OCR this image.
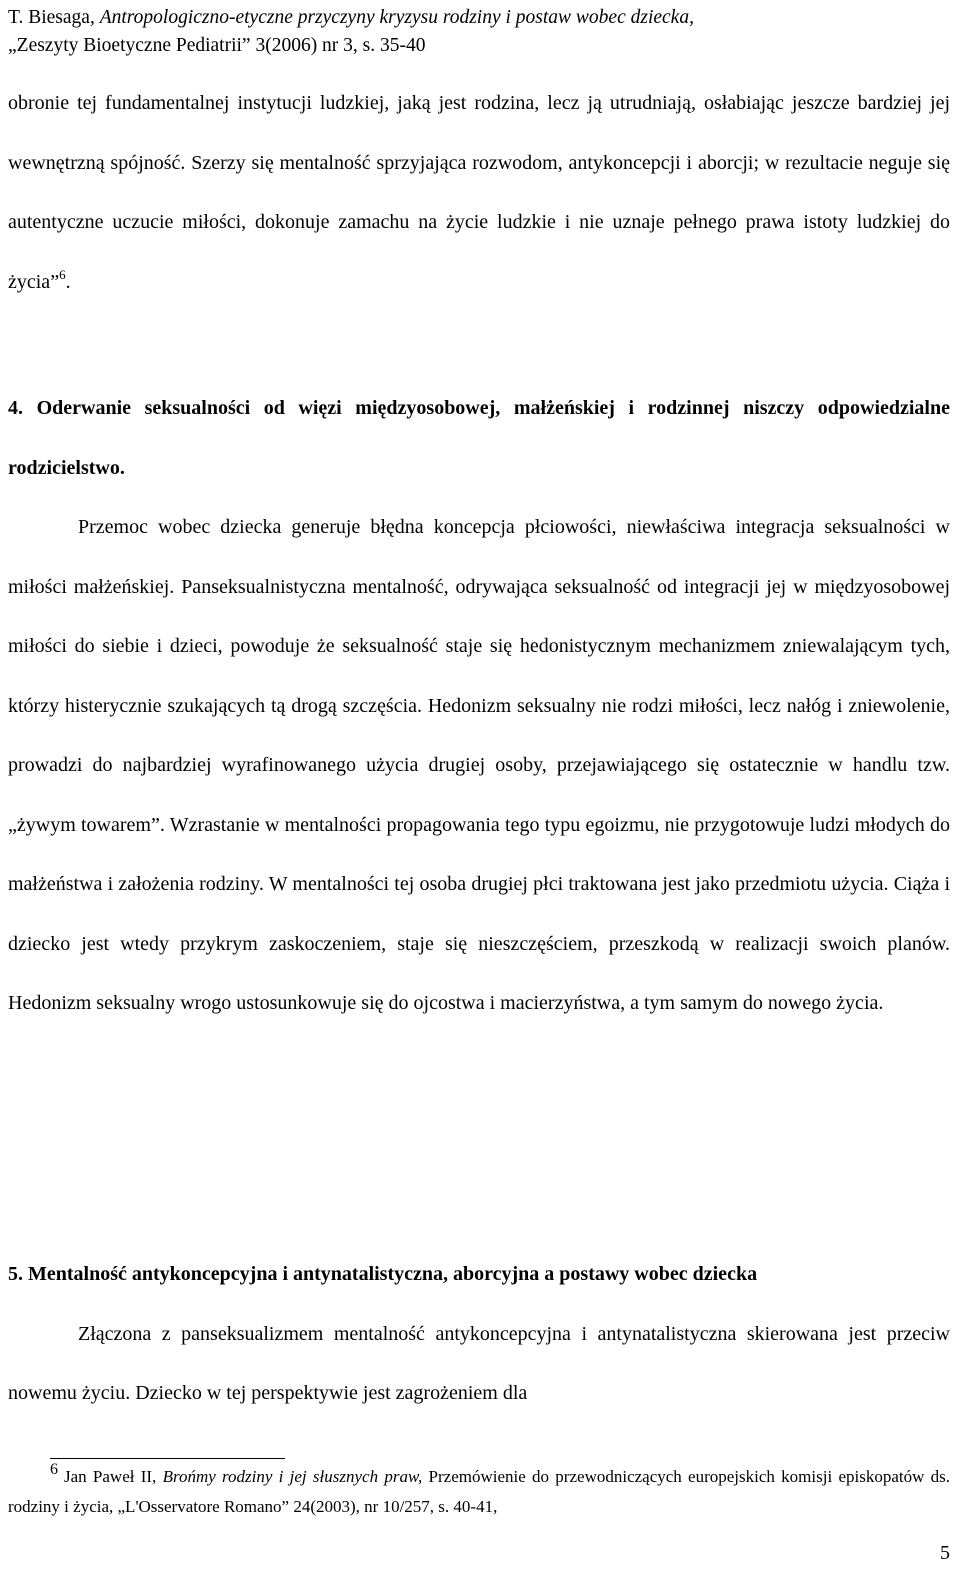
T. Biesaga, Antropologiczno-etyczne przyczyny kryzysu rodziny i postaw wobec dziecka,

„Zeszyty Bioetyczne Pediatrii” 3(2006) nr 3, s. 35-40

obronie tej fundamentalnej instytucji ludzkiej, jaką jest rodzina, lecz ją utrudniają, osłabiając jeszcze bardziej jej wewnętrzną spójność. Szerzy się mentalność sprzyjająca rozwodom, antykoncepcji i aborcji; w rezultacie neguje się autentyczne uczucie miłości, dokonuje zamachu na życie ludzkie i nie uznaje pełnego prawa istoty ludzkiej do życia”$^6$.

4. Oderwanie seksualności od więzi międzyosobowej, małżeńskiej i rodzinnej niszczy odpowiedzialne rodzicielstwo.

Przemoc wobec dziecka generuje błędna koncepcja płciowości, niewłaściwa integracja seksualności w miłości małżeńskiej. Panseksualnistyczna mentalność, odrywająca seksualność od integracji jej w międzyosobowej miłości do siebie i dzieci, powoduje że seksualność staje się hedonistycznym mechanizmem zniewalającym tych, którzy histerycznie szukających tą drogą szczęścia. Hedonizm seksualny nie rodzi miłości, lecz nałóg i zniewolenie, prowadzi do najbardziej wyrafinowanego użycia drugiej osoby, przejawiającego się ostatecznie w handlu tzw. „żywym towarem”. Wzrastanie w mentalności propagowania tego typu egoizmu, nie przygotowuje ludzi młodych do małżeństwa i założenia rodziny. W mentalności tej osoba drugiej płci traktowana jest jako przedmiotu użycia. Ciąża i dziecko jest wtedy przykrym zaskoczeniem, staje się nieszczęściem, przeszkodą w realizacji swoich planów. Hedonizm seksualny wrogo ustosunkowuje się do ojcostwa i macierzyństwa, a tym samym do nowego życia.

5. Mentalność antykoncepcyjna i antynatalistyczna, aborcyjna a postawy wobec dziecka

Złączona z panseksualizmem mentalność antykoncepcyjna i antynatalistyczna skierowana jest przeciw nowemu życiu. Dziecko w tej perspektywie jest zagrożeniem dla

6 Jan Paweł II, Brońmy rodziny i jej słusznych praw, Przemówienie do przewodniczących europejskich komisji episkopatów ds. rodziny i życia, „L'Osservatore Romano” 24(2003), nr 10/257, s. 40-41,

5
